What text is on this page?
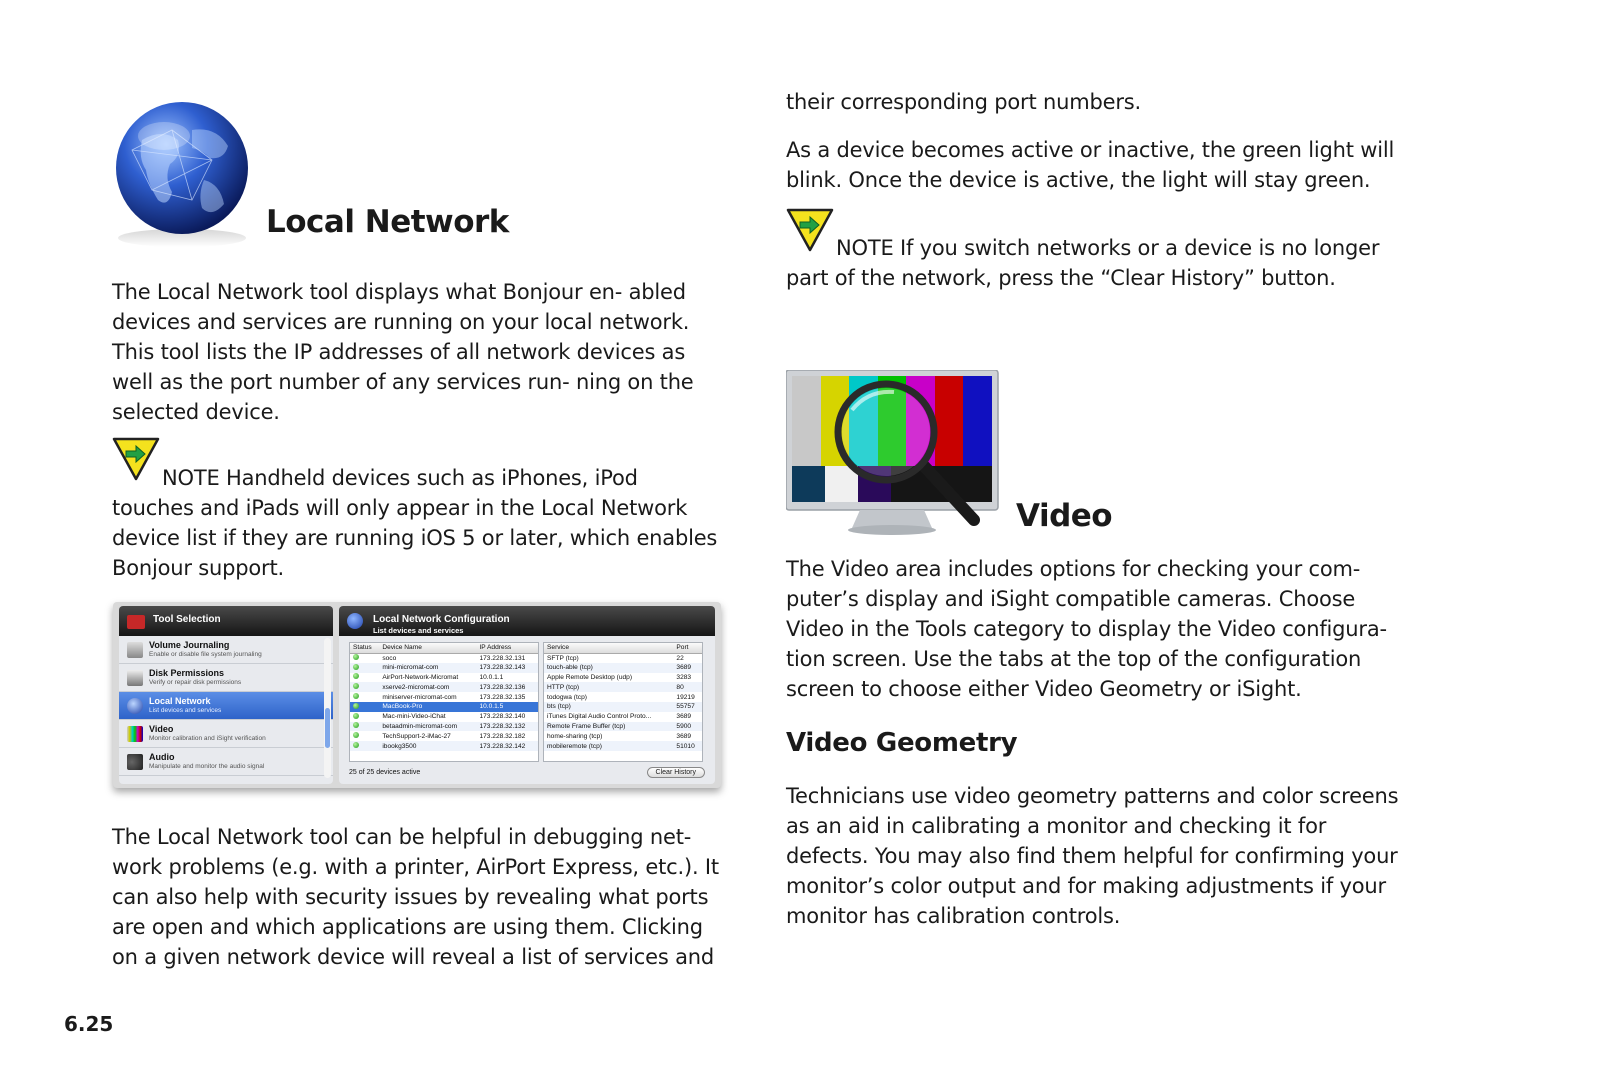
Local Network
The Local Network tool displays what Bonjour en- abled devices and services are running on your local network. This tool lists the IP addresses of all network devices as well as the port number of any services run- ning on the selected device.
NOTE Handheld devices such as iPhones, iPod touches and iPads will only appear in the Local Network device list if they are running iOS 5 or later, which enables Bonjour support.
Tool Selection
Volume Journaling
Enable or disable file system journaling
Disk Permissions
Verify or repair disk permissions
Local Network
List devices and services
Video
Monitor calibration and iSight verification
Audio
Manipulate and monitor the audio signal
Local Network Configuration
List devices and services
Status	Device Name	IP Address
	soco	173.228.32.131
	mini-micromat-com	173.228.32.143
	AirPort-Network-Micromat	10.0.1.1
	xserve2-micromat-com	173.228.32.136
	miniserver-micromat-com	173.228.32.135
	MacBook-Pro	10.0.1.5
	Mac-mini-Video-iChat	173.228.32.140
	betaadmin-micromat-com	173.228.32.132
	TechSupport-2-iMac-27	173.228.32.182
	ibookg3500	173.228.32.142
Service	Port
SFTP (tcp)	22
touch-able (tcp)	3689
Apple Remote Desktop (udp)	3283
HTTP (tcp)	80
todogwa (tcp)	19219
bts (tcp)	55757
iTunes Digital Audio Control Proto...	3689
Remote Frame Buffer (tcp)	5900
home-sharing (tcp)	3689
mobileremote (tcp)	51010
25 of 25 devices active	Clear History
The Local Network tool can be helpful in debugging net- work problems (e.g. with a printer, AirPort Express, etc.). It can also help with security issues by revealing what ports are open and which applications are using them. Clicking on a given network device will reveal a list of services and
their corresponding port numbers.
As a device becomes active or inactive, the green light will blink. Once the device is active, the light will stay green.
NOTE If you switch networks or a device is no longer part of the network, press the “Clear History” button.
Video
The Video area includes options for checking your com- puter’s display and iSight compatible cameras. Choose Video in the Tools category to display the Video configura- tion screen. Use the tabs at the top of the configuration screen to choose either Video Geometry or iSight.
Video Geometry
Technicians use video geometry patterns and color screens as an aid in calibrating a monitor and checking it for defects. You may also find them helpful for confirming your monitor’s color output and for making adjustments if your monitor has calibration controls.
6.25
